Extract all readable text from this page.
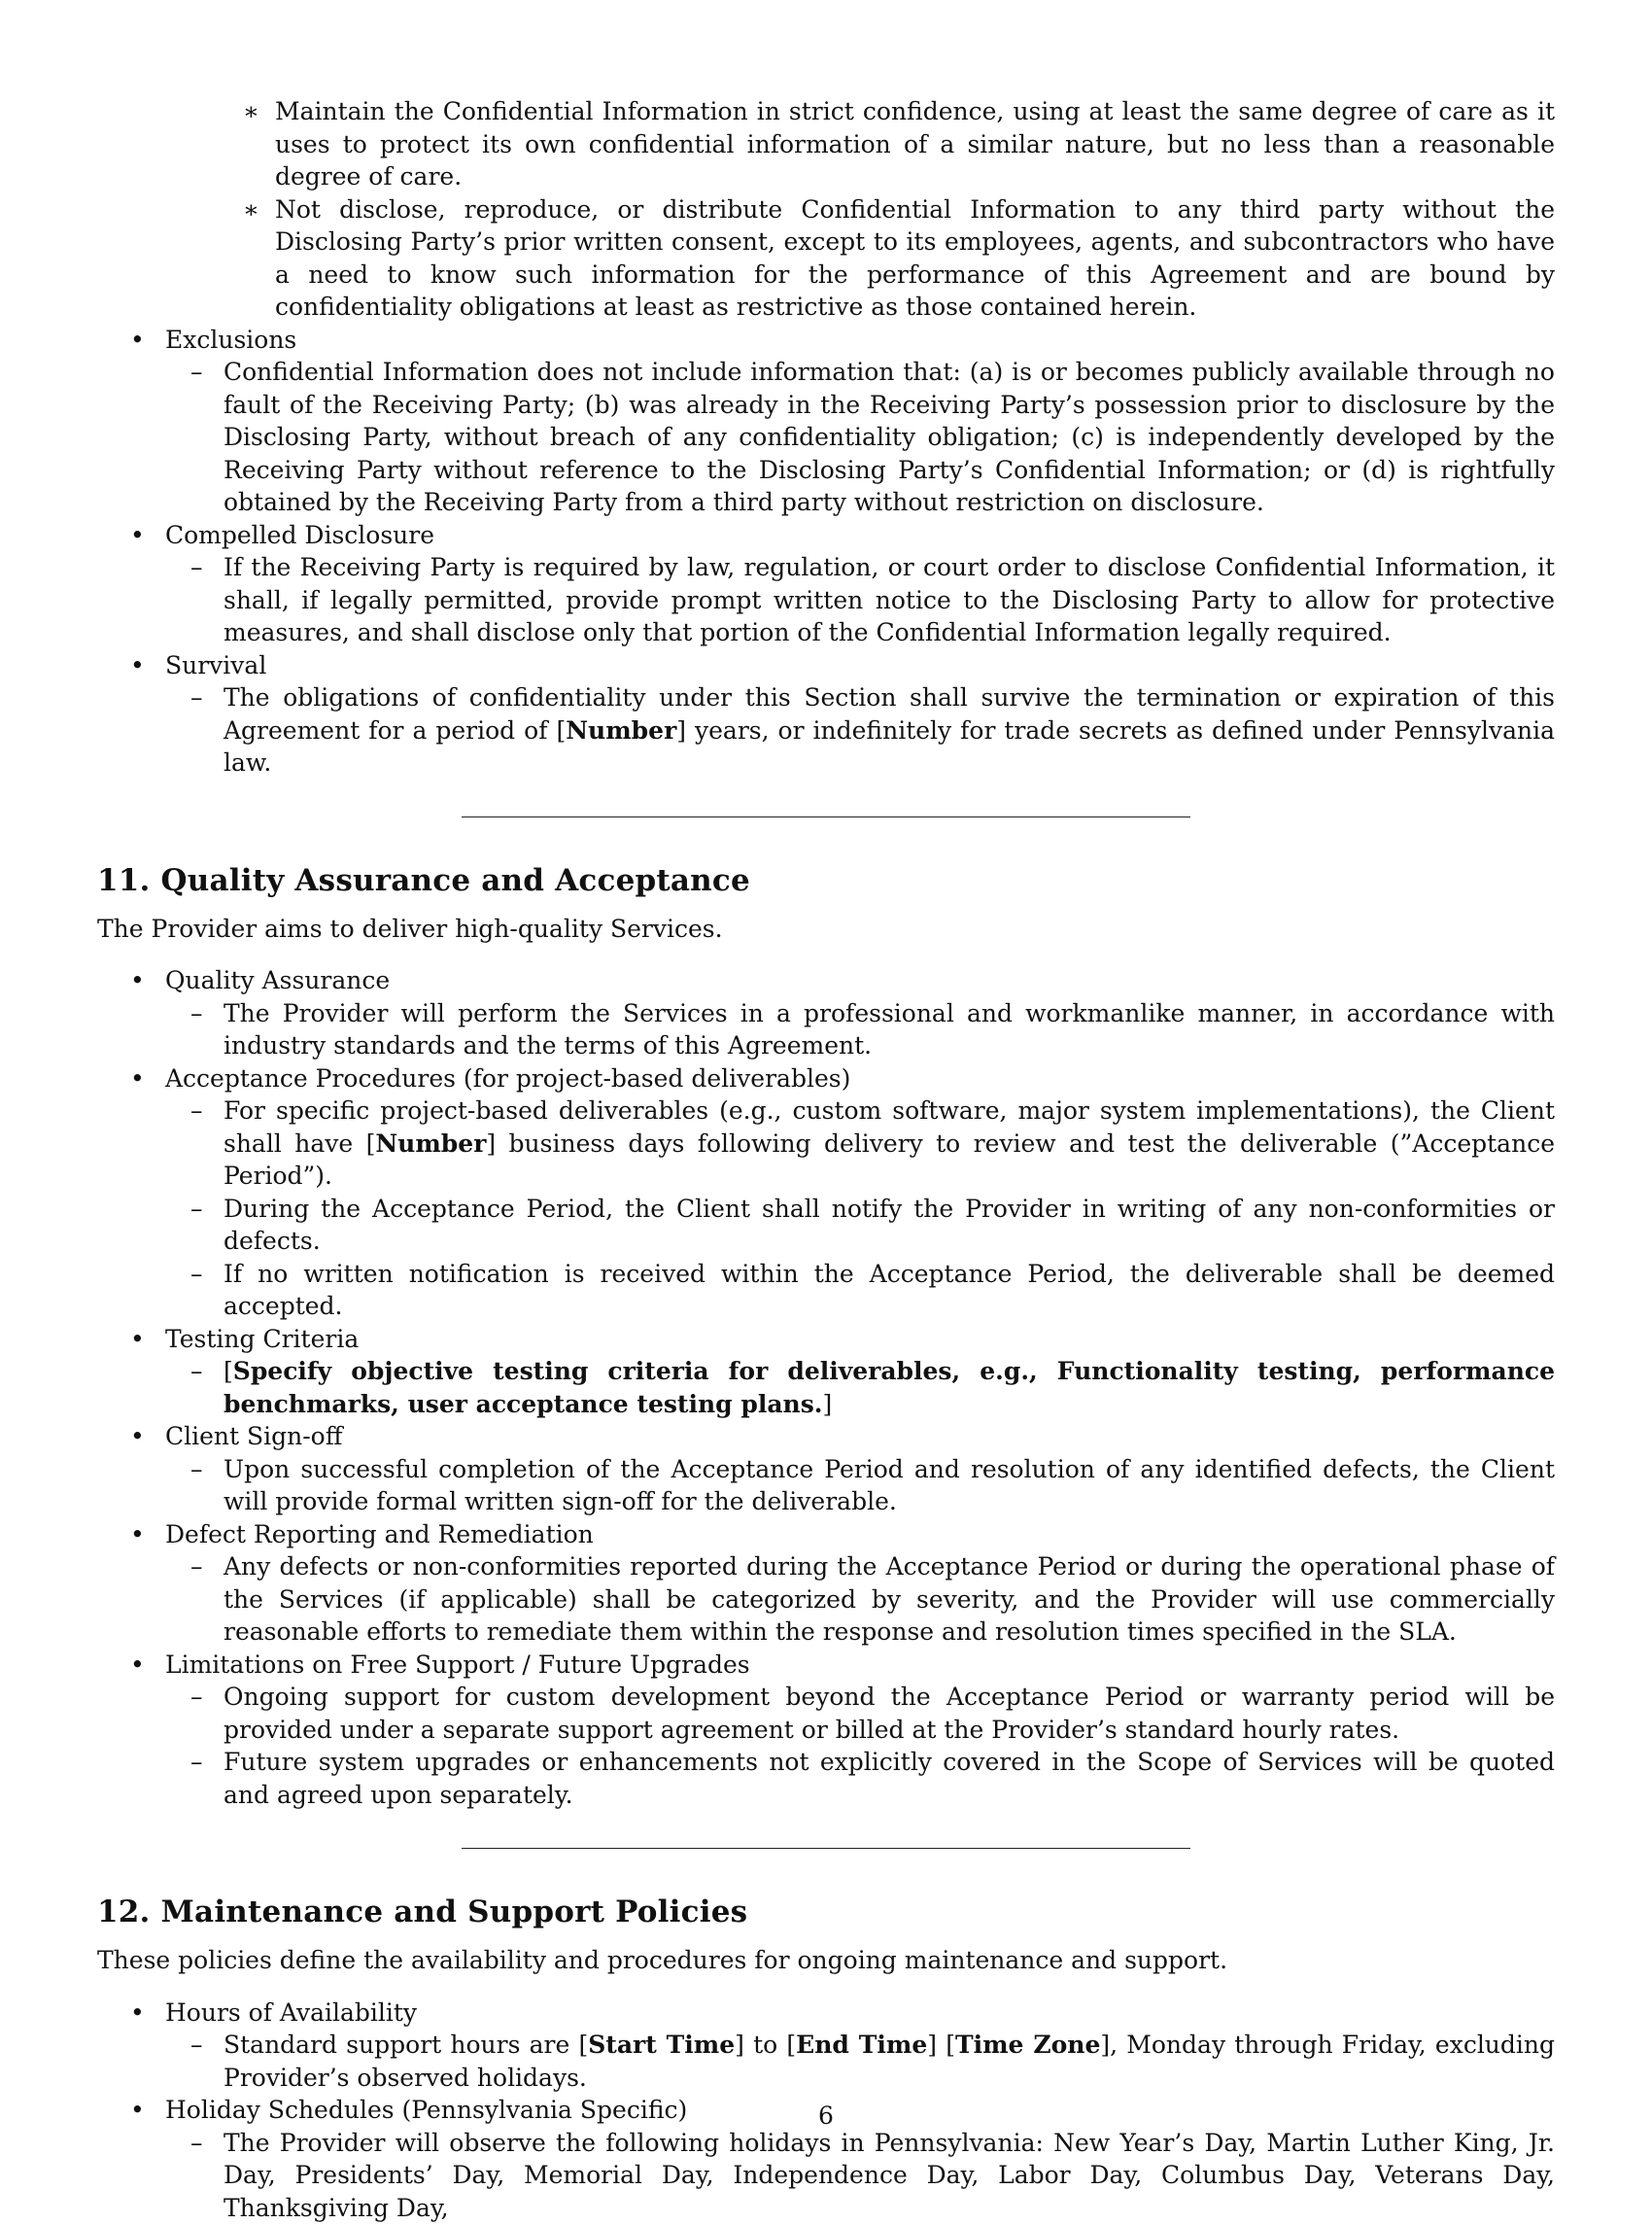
∗ Maintain the Confidential Information in strict confidence, using at least the same degree of care as it uses to protect its own confidential information of a similar nature, but no less than a reasonable degree of care.
∗ Not disclose, reproduce, or distribute Confidential Information to any third party without the Disclosing Party’s prior written consent, except to its employees, agents, and subcontractors who have a need to know such information for the performance of this Agreement and are bound by confidentiality obligations at least as restrictive as those contained herein.
• Exclusions
– Confidential Information does not include information that: (a) is or becomes publicly available through no fault of the Receiving Party; (b) was already in the Receiving Party’s possession prior to disclosure by the Disclosing Party, without breach of any confidentiality obligation; (c) is independently developed by the Receiving Party without reference to the Disclosing Party’s Confidential Information; or (d) is rightfully obtained by the Receiving Party from a third party without restriction on disclosure.
• Compelled Disclosure
– If the Receiving Party is required by law, regulation, or court order to disclose Confidential Information, it shall, if legally permitted, provide prompt written notice to the Disclosing Party to allow for protective measures, and shall disclose only that portion of the Confidential Information legally required.
• Survival
– The obligations of confidentiality under this Section shall survive the termination or expiration of this Agreement for a period of [Number] years, or indefinitely for trade secrets as defined under Pennsylvania law.
11. Quality Assurance and Acceptance

The Provider aims to deliver high-quality Services.

• Quality Assurance
– The Provider will perform the Services in a professional and workmanlike manner, in accordance with industry standards and the terms of this Agreement.
• Acceptance Procedures (for project-based deliverables)
– For specific project-based deliverables (e.g., custom software, major system implementations), the Client shall have [Number] business days following delivery to review and test the deliverable (”Acceptance Period”).
– During the Acceptance Period, the Client shall notify the Provider in writing of any non-conformities or defects.
– If no written notification is received within the Acceptance Period, the deliverable shall be deemed accepted.
• Testing Criteria
– [Specify objective testing criteria for deliverables, e.g., Functionality testing, performance benchmarks, user acceptance testing plans.]
• Client Sign-off
– Upon successful completion of the Acceptance Period and resolution of any identified defects, the Client will provide formal written sign-off for the deliverable.
• Defect Reporting and Remediation
– Any defects or non-conformities reported during the Acceptance Period or during the operational phase of the Services (if applicable) shall be categorized by severity, and the Provider will use commercially reasonable efforts to remediate them within the response and resolution times specified in the SLA.
• Limitations on Free Support / Future Upgrades
– Ongoing support for custom development beyond the Acceptance Period or warranty period will be provided under a separate support agreement or billed at the Provider’s standard hourly rates.
– Future system upgrades or enhancements not explicitly covered in the Scope of Services will be quoted and agreed upon separately.
12. Maintenance and Support Policies

These policies define the availability and procedures for ongoing maintenance and support.

• Hours of Availability
– Standard support hours are [Start Time] to [End Time] [Time Zone], Monday through Friday, excluding Provider’s observed holidays.
• Holiday Schedules (Pennsylvania Specific)
– The Provider will observe the following holidays in Pennsylvania: New Year’s Day, Martin Luther King, Jr. Day, Presidents’ Day, Memorial Day, Independence Day, Labor Day, Columbus Day, Veterans Day, Thanksgiving Day,
6
